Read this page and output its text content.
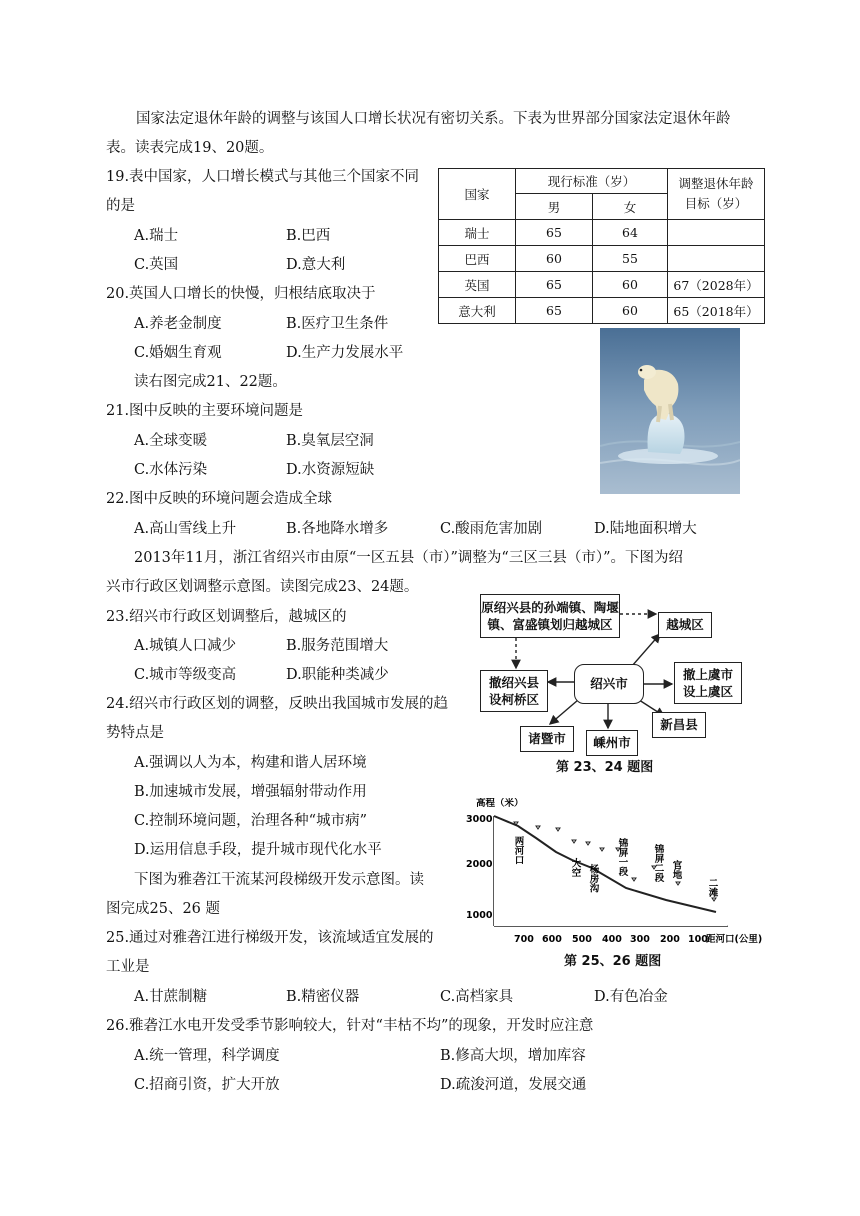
国家法定退休年龄的调整与该国人口增长状况有密切关系。下表为世界部分国家法定退休年龄
表。读表完成19、20题。
19.表中国家，人口增长模式与其他三个国家不同
的是
A.瑞士	B.巴西
C.英国	D.意大利
20.英国人口增长的快慢，归根结底取决于
A.养老金制度	B.医疗卫生条件
C.婚姻生育观	D.生产力发展水平
读右图完成21、22题。
21.图中反映的主要环境问题是
A.全球变暖	B.臭氧层空洞
C.水体污染	D.水资源短缺
22.图中反映的环境问题会造成全球
A.高山雪线上升	B.各地降水增多	C.酸雨危害加剧	D.陆地面积增大
2013年11月，浙江省绍兴市由原“一区五县（市）”调整为“三区三县（市）”。下图为绍
兴市行政区划调整示意图。读图完成23、24题。
23.绍兴市行政区划调整后，越城区的
A.城镇人口减少	B.服务范围增大
C.城市等级变高	D.职能种类减少
24.绍兴市行政区划的调整，反映出我国城市发展的趋
势特点是
A.强调以人为本，构建和谐人居环境
B.加速城市发展，增强辐射带动作用
C.控制环境问题，治理各种“城市病”
D.运用信息手段，提升城市现代化水平
下图为雅砻江干流某河段梯级开发示意图。读
图完成25、26 题
25.通过对雅砻江进行梯级开发，该流域适宜发展的
工业是
A.甘蔗制糖	B.精密仪器	C.高档家具	D.有色冶金
26.雅砻江水电开发受季节影响较大，针对“丰枯不均”的现象，开发时应注意
A.统一管理，科学调度	B.修高大坝，增加库容
C.招商引资，扩大开放	D.疏浚河道，发展交通
国家	现行标准（岁）		调整退休年龄
目标（岁）
	男	女	
瑞士	65	64	
巴西	60	55	
英国	65	60	67（2028年）
意大利	65	60	65（2018年）
原绍兴县的孙端镇、陶堰
镇、富盛镇划归越城区	越城区
撤绍兴县
设柯桥区
绍兴市
撤上虞市
设上虞区
诸暨市	嵊州市
新昌县
第 23、24 题图
高程（米）
3000
2000
1000
两河口
大空 杨房沟
锦屏一段	锦屏二段 官地
二滩
700 600 500 400 300 200 100
距河口(公里)
第 25、26 题图
